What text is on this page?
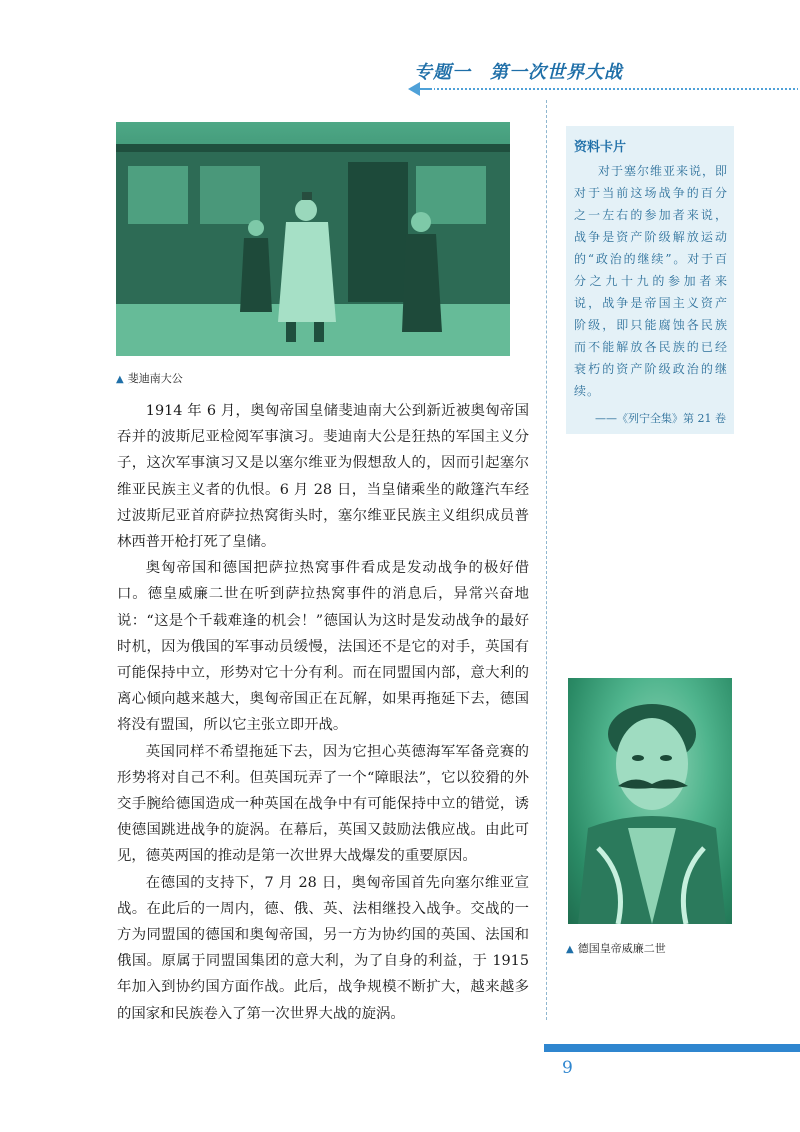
专题一　第一次世界大战
▲ 斐迪南大公
资料卡片
对于塞尔维亚来说，即对于当前这场战争的百分之一左右的参加者来说，战争是资产阶级解放运动的“政治的继续”。对于百分之九十九的参加者来说，战争是帝国主义资产阶级，即只能腐蚀各民族而不能解放各民族的已经衰朽的资产阶级政治的继续。
——《列宁全集》第 21 卷

1914 年 6 月，奥匈帝国皇储斐迪南大公到新近被奥匈帝国吞并的波斯尼亚检阅军事演习。斐迪南大公是狂热的军国主义分子，这次军事演习又是以塞尔维亚为假想敌人的，因而引起塞尔维亚民族主义者的仇恨。6 月 28 日，当皇储乘坐的敞篷汽车经过波斯尼亚首府萨拉热窝街头时，塞尔维亚民族主义组织成员普林西普开枪打死了皇储。

奥匈帝国和德国把萨拉热窝事件看成是发动战争的极好借口。德皇威廉二世在听到萨拉热窝事件的消息后，异常兴奋地说：“这是个千载难逢的机会！”德国认为这时是发动战争的最好时机，因为俄国的军事动员缓慢，法国还不是它的对手，英国有可能保持中立，形势对它十分有利。而在同盟国内部，意大利的离心倾向越来越大，奥匈帝国正在瓦解，如果再拖延下去，德国将没有盟国，所以它主张立即开战。

英国同样不希望拖延下去，因为它担心英德海军军备竞赛的形势将对自己不利。但英国玩弄了一个“障眼法”，它以狡猾的外交手腕给德国造成一种英国在战争中有可能保持中立的错觉，诱使德国跳进战争的旋涡。在幕后，英国又鼓励法俄应战。由此可见，德英两国的推动是第一次世界大战爆发的重要原因。

在德国的支持下，7 月 28 日，奥匈帝国首先向塞尔维亚宣战。在此后的一周内，德、俄、英、法相继投入战争。交战的一方为同盟国的德国和奥匈帝国，另一方为协约国的英国、法国和俄国。原属于同盟国集团的意大利，为了自身的利益，于 1915 年加入到协约国方面作战。此后，战争规模不断扩大，越来越多的国家和民族卷入了第一次世界大战的旋涡。

▲ 德国皇帝威廉二世
9
